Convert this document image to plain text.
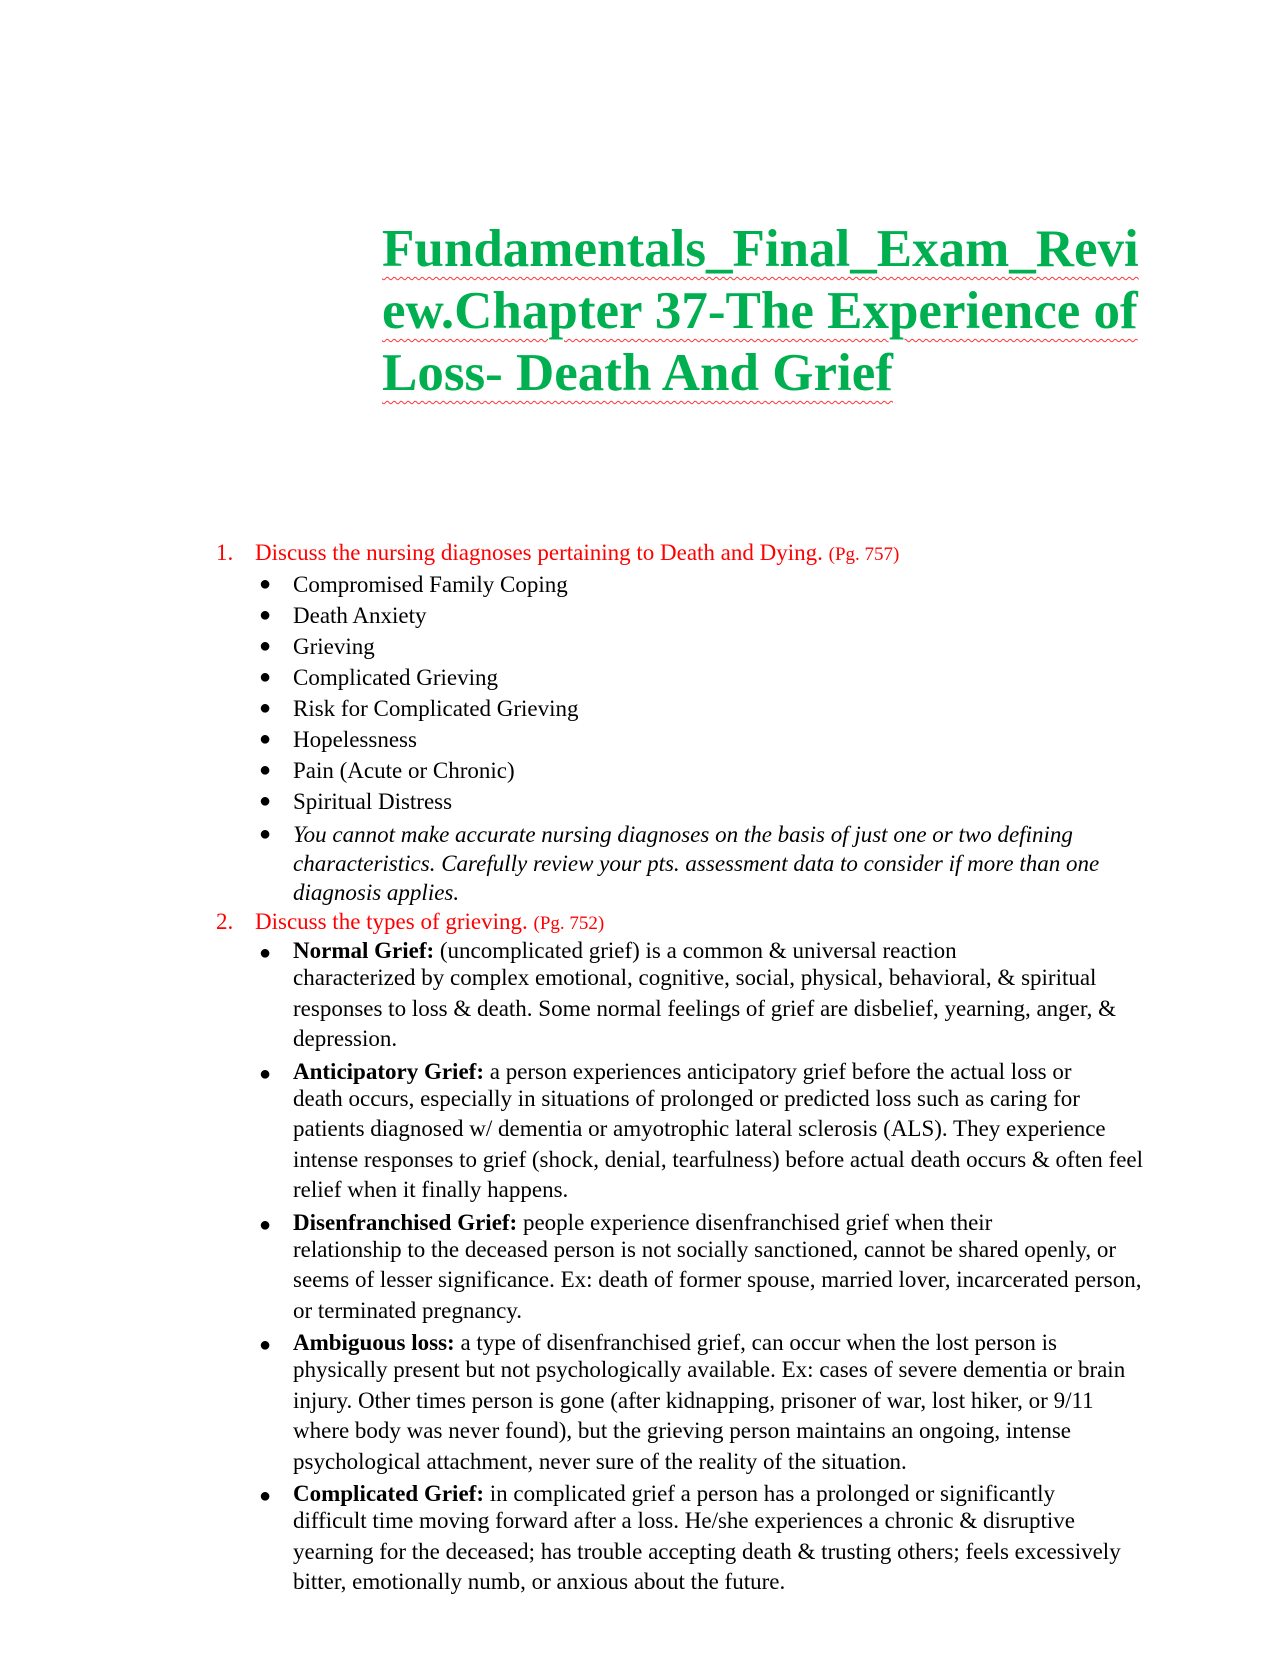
Fundamentals_Final_Exam_Review.Chapter 37-The Experience of Loss- Death And Grief
1. Discuss the nursing diagnoses pertaining to Death and Dying. (Pg. 757)
● Compromised Family Coping
● Death Anxiety
● Grieving
● Complicated Grieving
● Risk for Complicated Grieving
● Hopelessness
● Pain (Acute or Chronic)
● Spiritual Distress
● You cannot make accurate nursing diagnoses on the basis of just one or two defining characteristics. Carefully review your pts. assessment data to consider if more than one diagnosis applies.
2. Discuss the types of grieving. (Pg. 752)
● Normal Grief: (uncomplicated grief) is a common & universal reaction
characterized by complex emotional, cognitive, social, physical, behavioral, & spiritual responses to loss & death. Some normal feelings of grief are disbelief, yearning, anger, & depression.
● Anticipatory Grief: a person experiences anticipatory grief before the actual loss or
death occurs, especially in situations of prolonged or predicted loss such as caring for patients diagnosed w/ dementia or amyotrophic lateral sclerosis (ALS). They experience intense responses to grief (shock, denial, tearfulness) before actual death occurs & often feel relief when it finally happens.
● Disenfranchised Grief: people experience disenfranchised grief when their
relationship to the deceased person is not socially sanctioned, cannot be shared openly, or seems of lesser significance. Ex: death of former spouse, married lover, incarcerated person, or terminated pregnancy.
● Ambiguous loss: a type of disenfranchised grief, can occur when the lost person is
physically present but not psychologically available. Ex: cases of severe dementia or brain injury. Other times person is gone (after kidnapping, prisoner of war, lost hiker, or 9/11 where body was never found), but the grieving person maintains an ongoing, intense psychological attachment, never sure of the reality of the situation.
● Complicated Grief: in complicated grief a person has a prolonged or significantly
difficult time moving forward after a loss. He/she experiences a chronic & disruptive yearning for the deceased; has trouble accepting death & trusting others; feels excessively bitter, emotionally numb, or anxious about the future.
